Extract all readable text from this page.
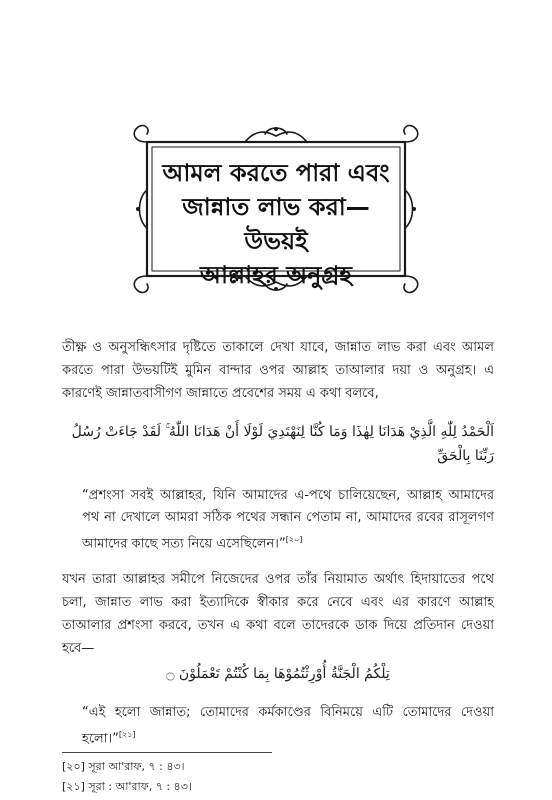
আমল করতে পারা এবং
জান্নাত লাভ করা—উভয়ই
আল্লাহর অনুগ্রহ
তীক্ষ্ণ ও অনুসন্ধিৎসার দৃষ্টিতে তাকালে দেখা যাবে, জান্নাত লাভ করা এবং আমল করতে পারা উভয়টিই মুমিন বান্দার ওপর আল্লাহ তাআলার দয়া ও অনুগ্রহ। এ কারণেই জান্নাতবাসীগণ জান্নাতে প্রবেশের সময় এ কথা বলবে,
اَلْحَمْدُ لِلّٰهِ الَّذِيْ هَدَانَا لِهٰذَا وَمَا كُنَّا لِنَهْتَدِيَ لَوْلَا أَنْ هَدَانَا اللّٰهُ ۚ لَقَدْ جَاءَتْ رُسُلُ رَبِّنَا بِالْحَقِّ
“প্রশংসা সবই আল্লাহর, যিনি আমাদের এ-পথে চালিয়েছেন, আল্লাহ আমাদের পথ না দেখালে আমরা সঠিক পথের সন্ধান পেতাম না, আমাদের রবের রাসূলগণ আমাদের কাছে সত্য নিয়ে এসেছিলেন।”[২০]
যখন তারা আল্লাহর সমীপে নিজেদের ওপর তাঁর নিয়ামাত অর্থাৎ হিদায়াতের পথে চলা, জান্নাত লাভ করা ইত্যাদিকে স্বীকার করে নেবে এবং এর কারণে আল্লাহ তাআলার প্রশংসা করবে, তখন এ কথা বলে তাদেরকে ডাক দিয়ে প্রতিদান দেওয়া হবে—
تِلْكُمُ الْجَنَّةُ أُوْرِثْتُمُوْهَا بِمَا كُنْتُمْ تَعْمَلُوْنَ ۝
“এই হলো জান্নাত; তোমাদের কর্মকাণ্ডের বিনিময়ে এটি তোমাদের দেওয়া হলো।”[২১]
[২০] সূরা আ'রাফ, ৭ : ৪৩।
[২১] সূরা : আ'রাফ, ৭ : ৪৩।
